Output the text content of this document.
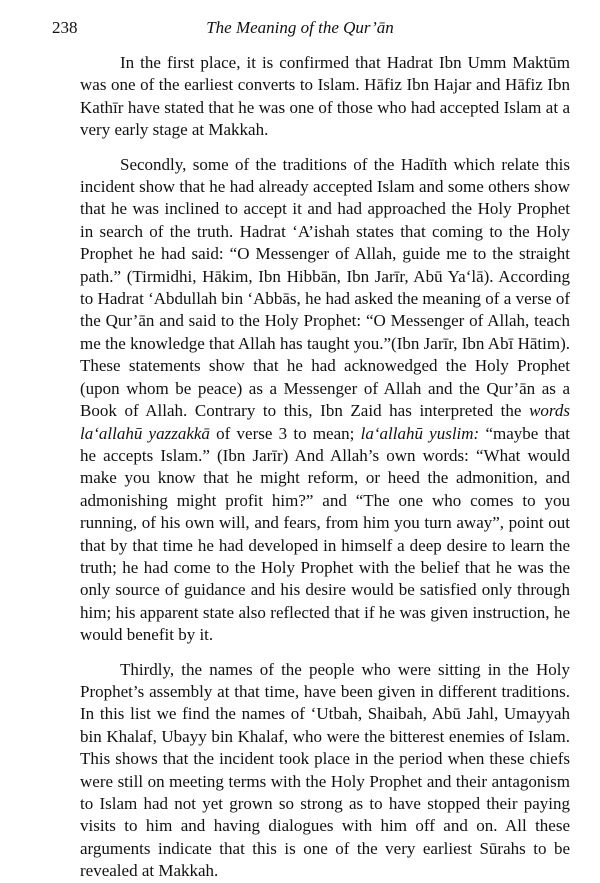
238	The Meaning of the Qur’ān

In the first place, it is confirmed that Hadrat Ibn Umm Maktūm was one of the earliest converts to Islam. Hāfiz Ibn Hajar and Hāfiz Ibn Kathīr have stated that he was one of those who had accepted Islam at a very early stage at Makkah.

Secondly, some of the traditions of the Hadīth which relate this incident show that he had already accepted Islam and some others show that he was inclined to accept it and had approached the Holy Prophet in search of the truth. Hadrat ‘A’ishah states that coming to the Holy Prophet he had said: “O Messenger of Allah, guide me to the straight path.” (Tirmidhi, Hākim, Ibn Hibbān, Ibn Jarīr, Abū Ya‘lā). According to Hadrat ‘Abdullah bin ‘Abbās, he had asked the meaning of a verse of the Qur’ān and said to the Holy Prophet: “O Messenger of Allah, teach me the knowledge that Allah has taught you.”(Ibn Jarīr, Ibn Abī Hātim). These statements show that he had acknowedged the Holy Prophet (upon whom be peace) as a Messenger of Allah and the Qur’ān as a Book of Allah. Contrary to this, Ibn Zaid has interpreted the words la‘allahū yazzakkā of verse 3 to mean; la‘allahū yuslim: “maybe that he accepts Islam.” (Ibn Jarīr) And Allah’s own words: “What would make you know that he might reform, or heed the admonition, and admonishing might profit him?” and “The one who comes to you running, of his own will, and fears, from him you turn away”, point out that by that time he had developed in himself a deep desire to learn the truth; he had come to the Holy Prophet with the belief that he was the only source of guidance and his desire would be satisfied only through him; his apparent state also reflected that if he was given instruction, he would benefit by it.

Thirdly, the names of the people who were sitting in the Holy Prophet’s assembly at that time, have been given in different traditions. In this list we find the names of ‘Utbah, Shaibah, Abū Jahl, Umayyah bin Khalaf, Ubayy bin Khalaf, who were the bitterest enemies of Islam. This shows that the incident took place in the period when these chiefs were still on meeting terms with the Holy Prophet and their antagonism to Islam had not yet grown so strong as to have stopped their paying visits to him and having dialogues with him off and on. All these arguments indicate that this is one of the very earliest Sūrahs to be revealed at Makkah.
